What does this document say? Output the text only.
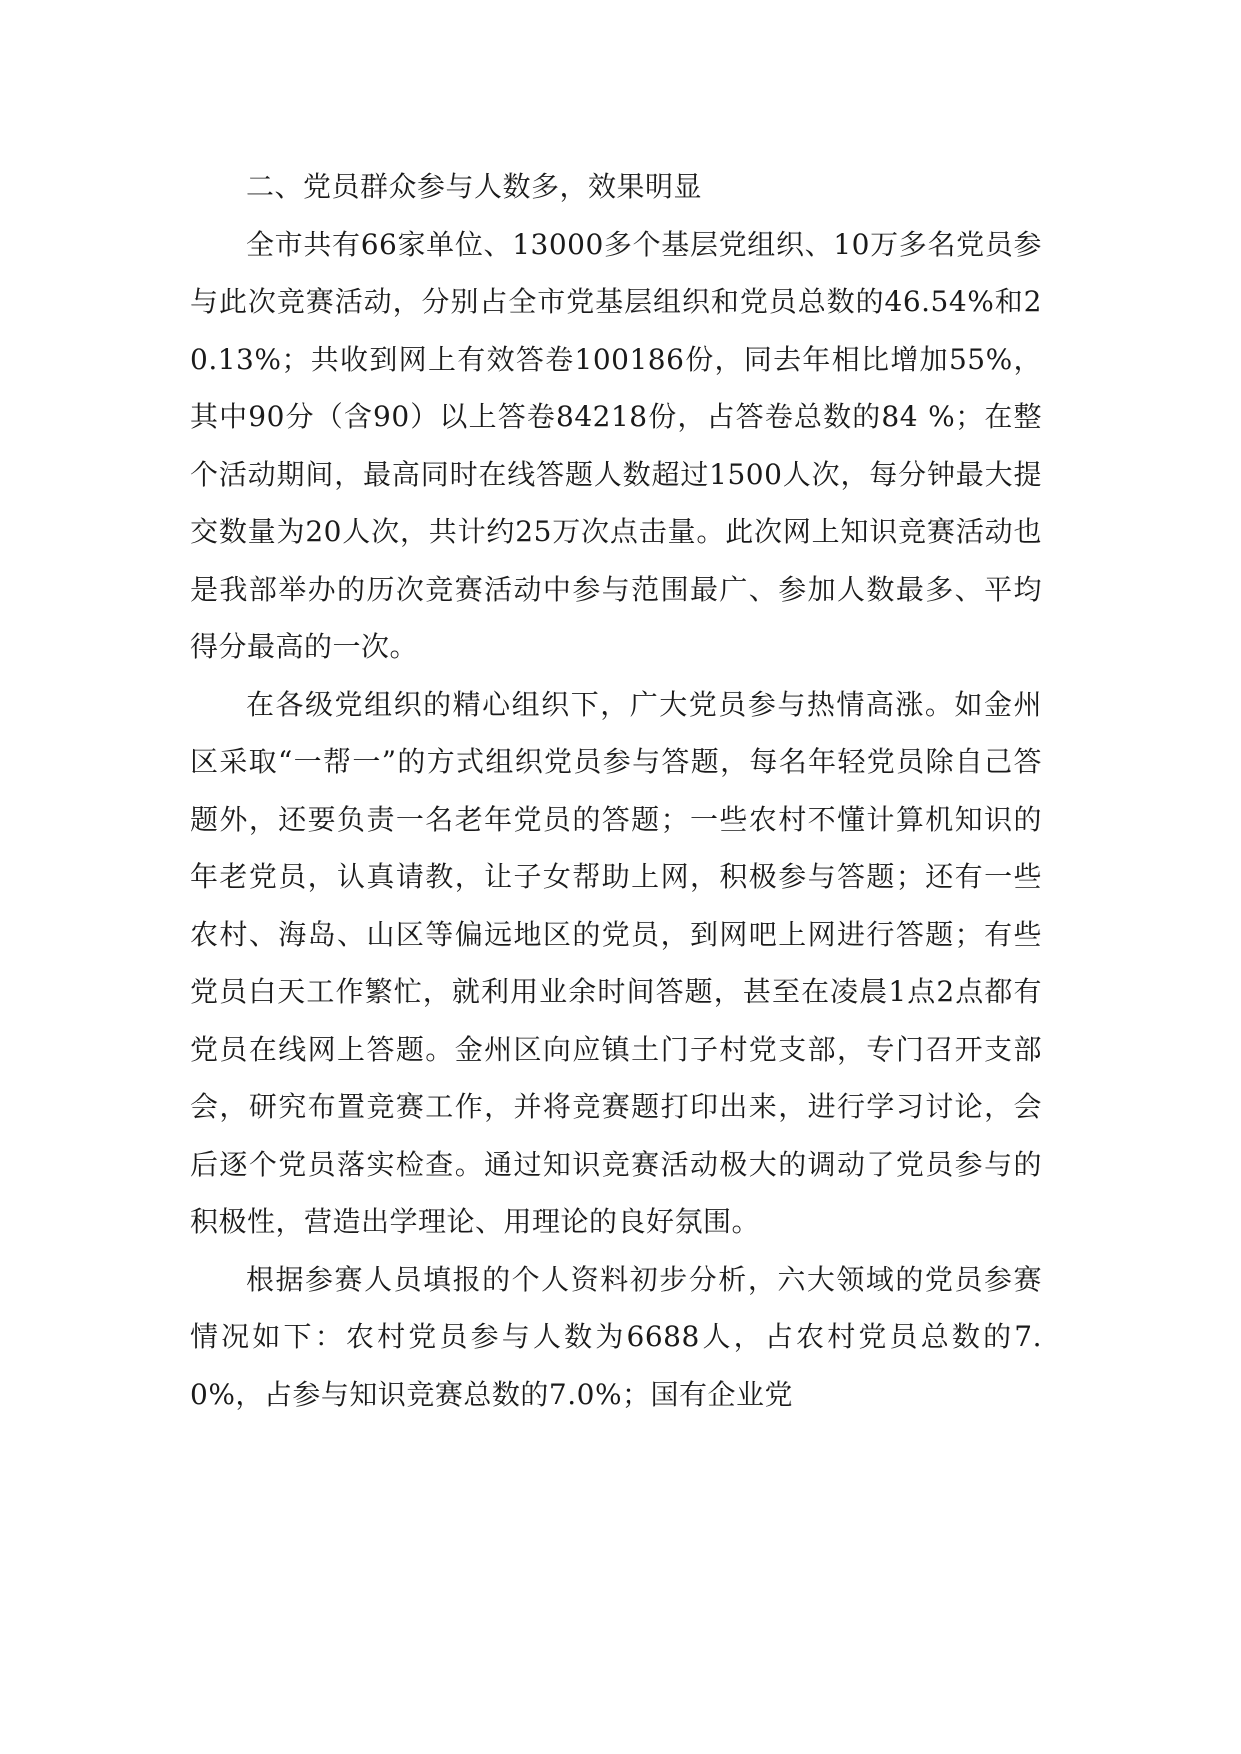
二、党员群众参与人数多，效果明显

全市共有66家单位、13000多个基层党组织、10万多名党员参与此次竞赛活动，分别占全市党基层组织和党员总数的46.54%和20.13%；共收到网上有效答卷100186份，同去年相比增加55%，其中90分（含90）以上答卷84218份，占答卷总数的84 %；在整个活动期间，最高同时在线答题人数超过1500人次，每分钟最大提交数量为20人次，共计约25万次点击量。此次网上知识竞赛活动也是我部举办的历次竞赛活动中参与范围最广、参加人数最多、平均得分最高的一次。

在各级党组织的精心组织下，广大党员参与热情高涨。如金州区采取“一帮一”的方式组织党员参与答题，每名年轻党员除自己答题外，还要负责一名老年党员的答题；一些农村不懂计算机知识的年老党员，认真请教，让子女帮助上网，积极参与答题；还有一些农村、海岛、山区等偏远地区的党员，到网吧上网进行答题；有些党员白天工作繁忙，就利用业余时间答题，甚至在凌晨1点2点都有党员在线网上答题。金州区向应镇土门子村党支部，专门召开支部会，研究布置竞赛工作，并将竞赛题打印出来，进行学习讨论，会后逐个党员落实检查。通过知识竞赛活动极大的调动了党员参与的积极性，营造出学理论、用理论的良好氛围。

根据参赛人员填报的个人资料初步分析，六大领域的党员参赛情况如下：农村党员参与人数为6688人，占农村党员总数的7.0%，占参与知识竞赛总数的7.0%；国有企业党
